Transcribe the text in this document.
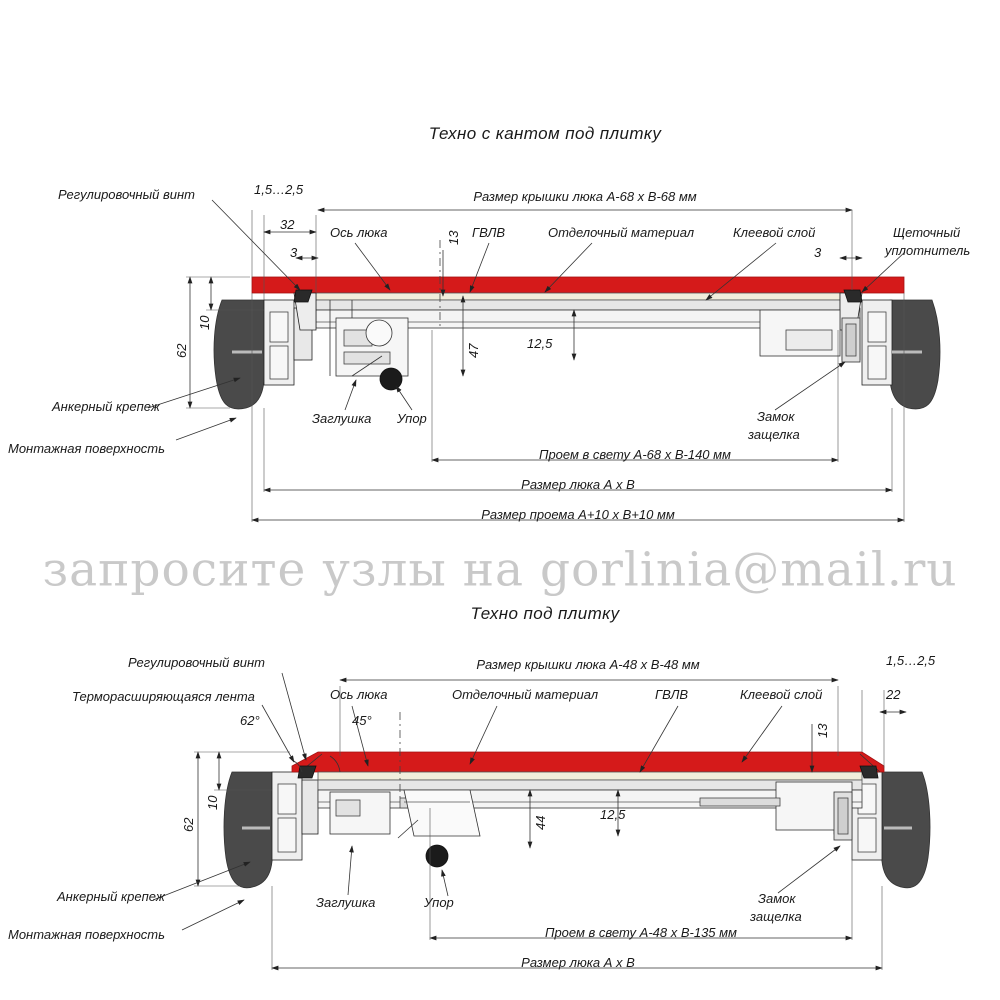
Техно с кантом под плитку
Регулировочный винт
Ось люка	ГВЛВ	Отделочный материал	Клеевой слой	Щеточный
уплотнитель
Анкерный крепеж
Монтажная поверхность
Заглушка Упор	Замок
защелка
1,5…2,5
32
3	3
13
47	12,5
62
10
Размер крышки люка А-68 х В-68 мм
Проем в свету А-68 х В-140 мм
Размер люка А х В
Размер проема А+10 х В+10 мм
запросите узлы на gorlinia@mail.ru
Техно под плитку
Регулировочный винт
Терморасширяющаяся лента	Ось люка	Отделочный материал	ГВЛВ	Клеевой слой
Анкерный крепеж
Монтажная поверхность
Заглушка	Упор	Замок
защелка
62°	45°
1,5…2,5
22
13
44
12,5
62
10
Размер крышки люка А-48 х В-48 мм
Проем в свету А-48 х В-135 мм
Размер люка А х В
